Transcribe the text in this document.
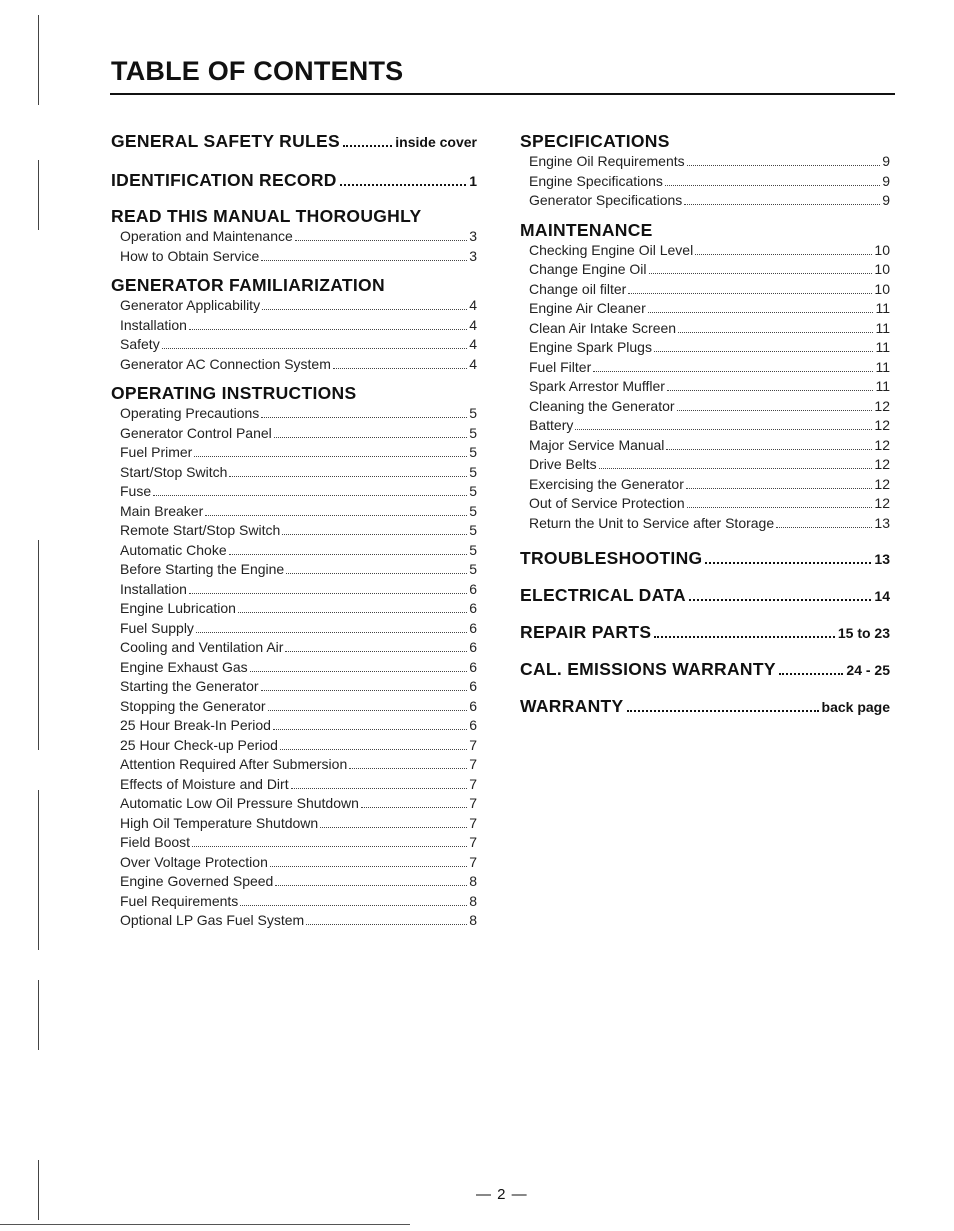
TABLE OF CONTENTS
GENERAL SAFETY RULES	inside cover
IDENTIFICATION RECORD	1
READ THIS MANUAL THOROUGHLY
Operation and Maintenance	3
How to Obtain Service	3
GENERATOR FAMILIARIZATION
Generator Applicability	4
Installation	4
Safety	4
Generator AC Connection System	4
OPERATING INSTRUCTIONS
Operating Precautions	5
Generator Control Panel	5
Fuel Primer	5
Start/Stop Switch	5
Fuse	5
Main Breaker	5
Remote Start/Stop Switch	5
Automatic Choke	5
Before Starting the Engine	5
Installation	6
Engine Lubrication	6
Fuel Supply	6
Cooling and Ventilation Air	6
Engine Exhaust Gas	6
Starting the Generator	6
Stopping the Generator	6
25 Hour Break-In Period	6
25 Hour Check-up Period	7
Attention Required After Submersion	7
Effects of Moisture and Dirt	7
Automatic Low Oil Pressure Shutdown	7
High Oil Temperature Shutdown	7
Field Boost	7
Over Voltage Protection	7
Engine Governed Speed	8
Fuel Requirements	8
Optional LP Gas Fuel System	8
SPECIFICATIONS
Engine Oil Requirements	9
Engine Specifications	9
Generator Specifications	9
MAINTENANCE
Checking Engine Oil Level	10
Change Engine Oil	10
Change oil filter	10
Engine Air Cleaner	11
Clean Air Intake Screen	11
Engine Spark Plugs	11
Fuel Filter	11
Spark Arrestor Muffler	11
Cleaning the Generator	12
Battery	12
Major Service Manual	12
Drive Belts	12
Exercising the Generator	12
Out of Service Protection	12
Return the Unit to Service after Storage	13
TROUBLESHOOTING	13
ELECTRICAL DATA	14
REPAIR PARTS	15 to 23
CAL. EMISSIONS WARRANTY	24 - 25
WARRANTY	back page
— 2 —
